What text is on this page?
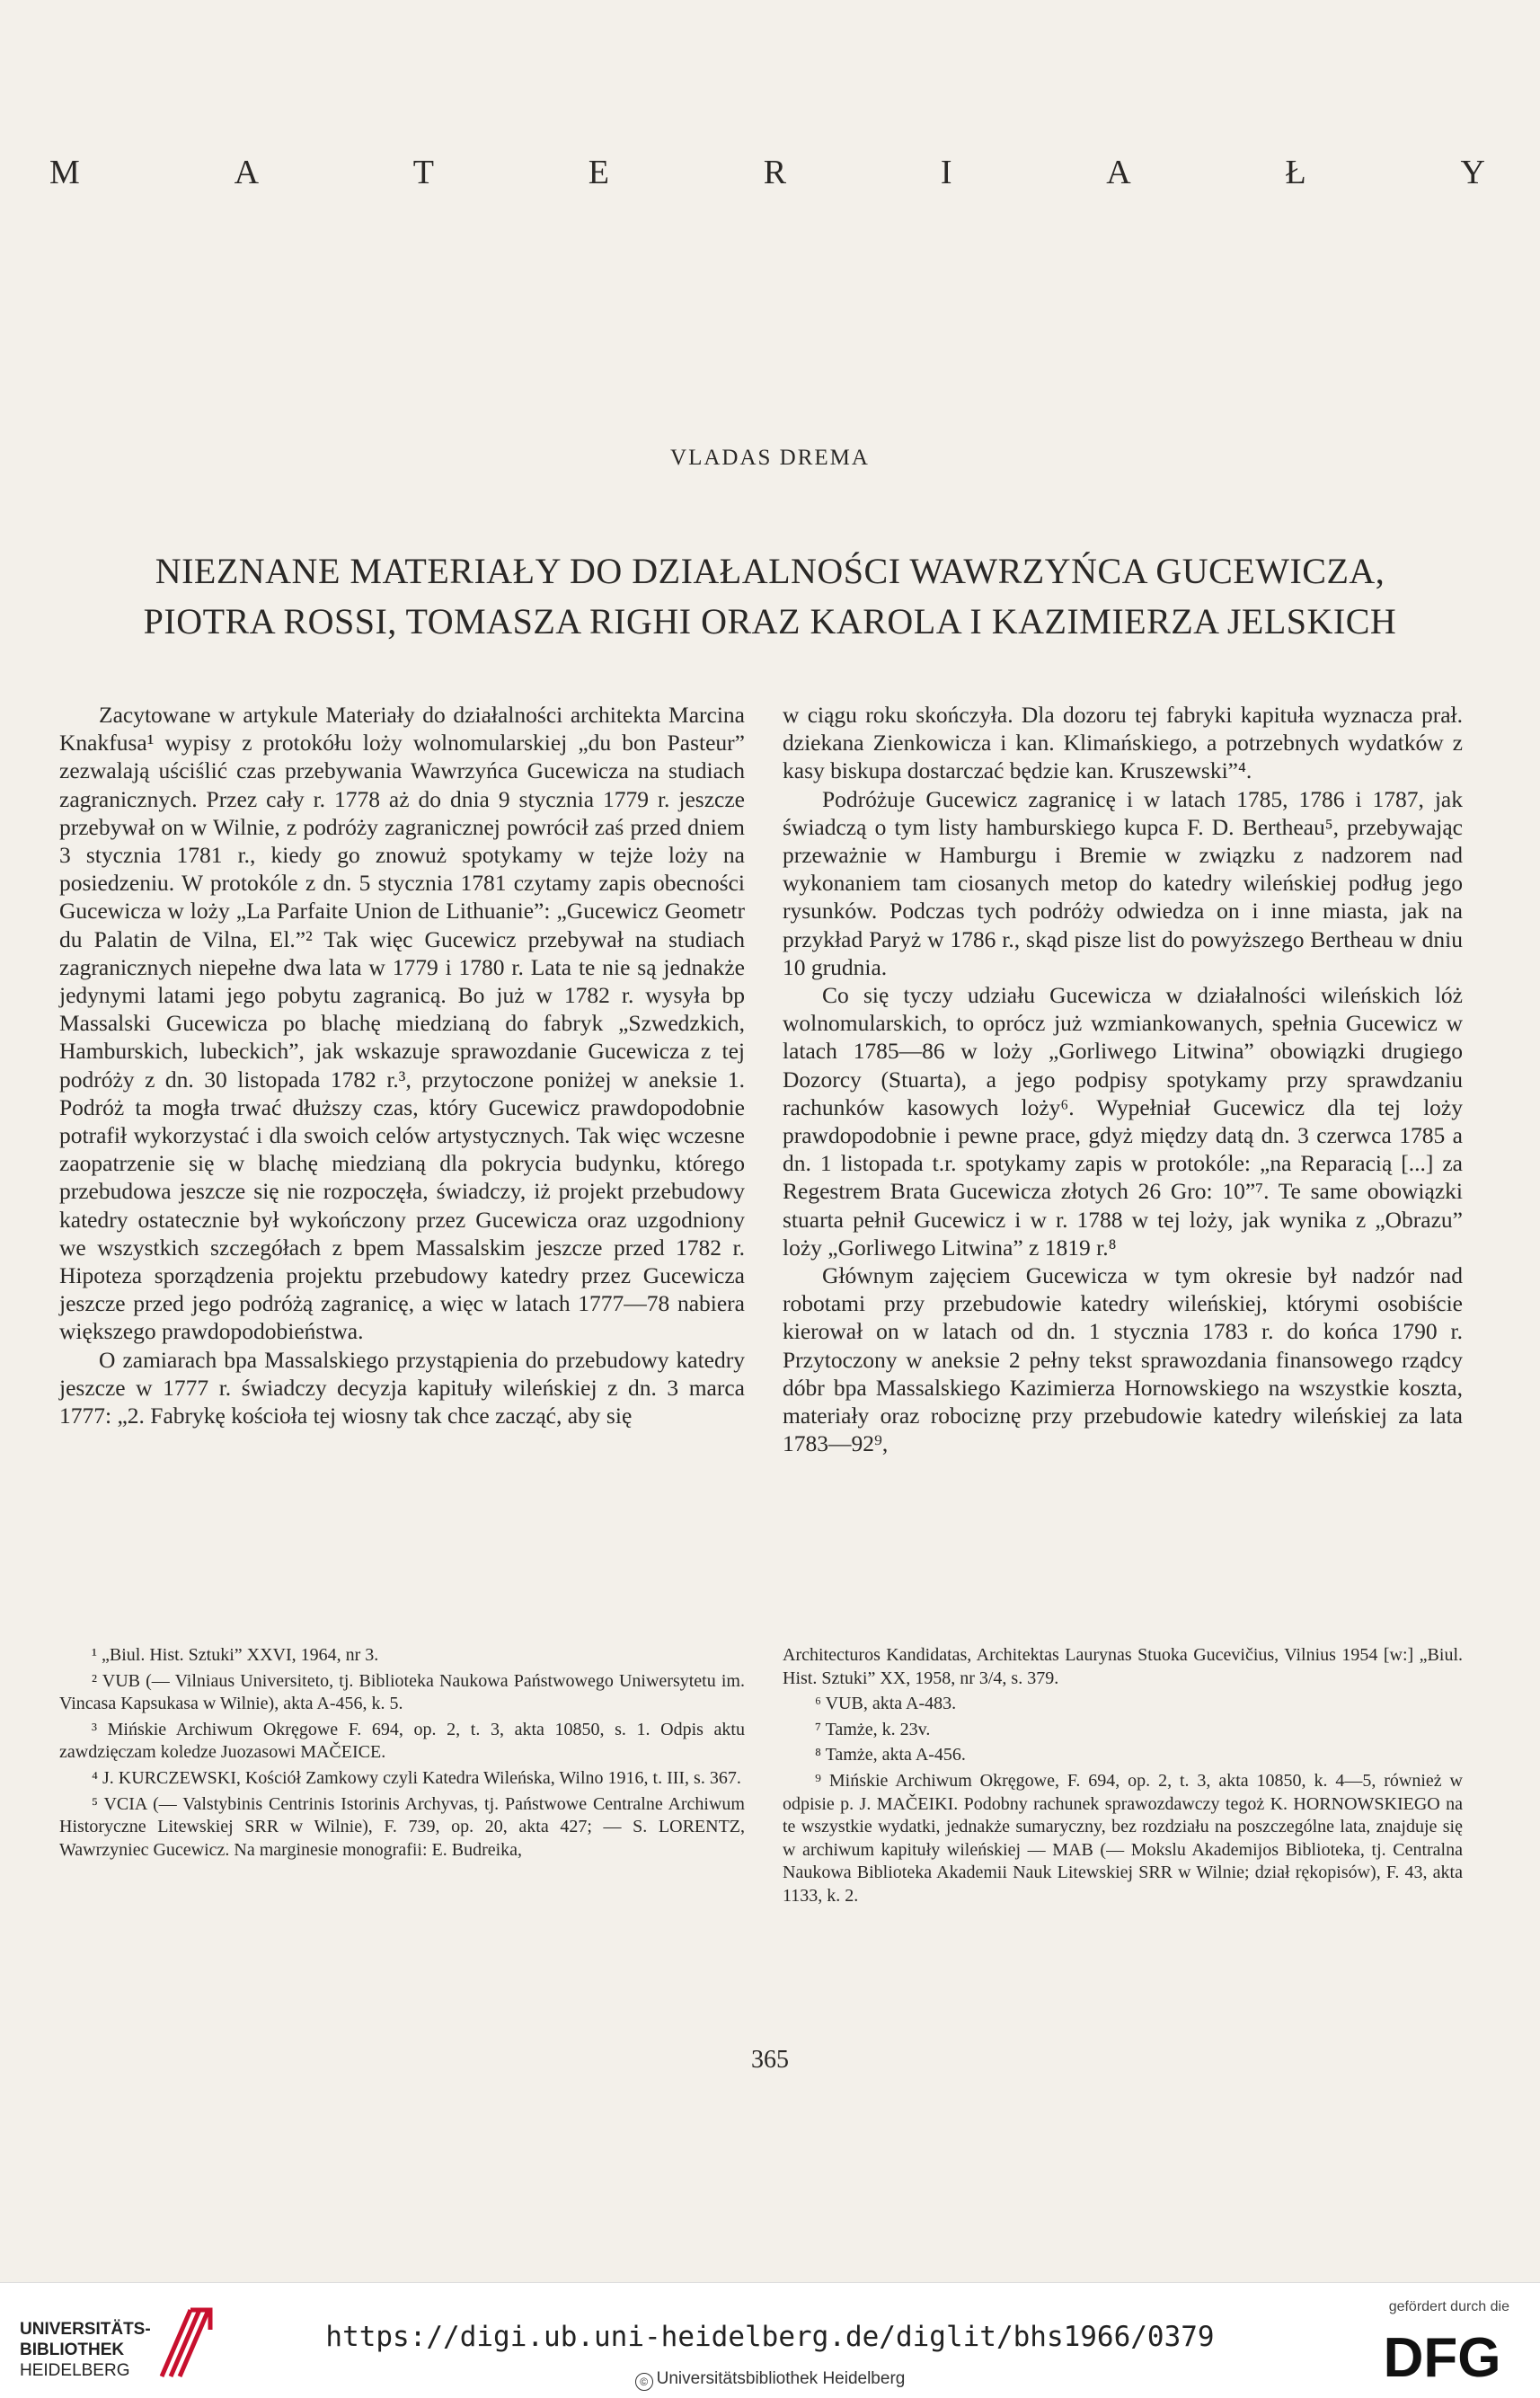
M	A	T	E	R	I	A	Ł	Y
VLADAS DREMA
NIEZNANE MATERIAŁY DO DZIAŁALNOŚCI WAWRZYŃCA GUCEWICZA,
PIOTRA ROSSI, TOMASZA RIGHI ORAZ KAROLA I KAZIMIERZA JELSKICH

Zacytowane w artykule Materiały do działalności architekta Marcina Knakfusa¹ wypisy z protokółu loży wolnomularskiej „du bon Pasteur” zezwalają uściślić czas przebywania Wawrzyńca Gucewicza na studiach zagranicznych. Przez cały r. 1778 aż do dnia 9 stycznia 1779 r. jeszcze przebywał on w Wilnie, z podróży zagranicznej powrócił zaś przed dniem 3 stycznia 1781 r., kiedy go znowuż spotykamy w tejże loży na posiedzeniu. W protokóle z dn. 5 stycznia 1781 czytamy zapis obecności Gucewicza w loży „La Parfaite Union de Lithuanie”: „Gucewicz Geometr du Palatin de Vilna, El.”² Tak więc Gucewicz przebywał na studiach zagranicznych niepełne dwa lata w 1779 i 1780 r. Lata te nie są jednakże jedynymi latami jego pobytu zagranicą. Bo już w 1782 r. wysyła bp Massalski Gucewicza po blachę miedzianą do fabryk „Szwedzkich, Hamburskich, lubeckich”, jak wskazuje sprawozdanie Gucewicza z tej podróży z dn. 30 listopada 1782 r.³, przytoczone poniżej w aneksie 1. Podróż ta mogła trwać dłuższy czas, który Gucewicz prawdopodobnie potrafił wykorzystać i dla swoich celów artystycznych. Tak więc wczesne zaopatrzenie się w blachę miedzianą dla pokrycia budynku, którego przebudowa jeszcze się nie rozpoczęła, świadczy, iż projekt przebudowy katedry ostatecznie był wykończony przez Gucewicza oraz uzgodniony we wszystkich szczegółach z bpem Massalskim jeszcze przed 1782 r. Hipoteza sporządzenia projektu przebudowy katedry przez Gucewicza jeszcze przed jego podróżą zagranicę, a więc w latach 1777—78 nabiera większego prawdopodobieństwa.

O zamiarach bpa Massalskiego przystąpienia do przebudowy katedry jeszcze w 1777 r. świadczy decyzja kapituły wileńskiej z dn. 3 marca 1777: „2. Fabrykę kościoła tej wiosny tak chce zacząć, aby się

w ciągu roku skończyła. Dla dozoru tej fabryki kapituła wyznacza prał. dziekana Zienkowicza i kan. Klimańskiego, a potrzebnych wydatków z kasy biskupa dostarczać będzie kan. Kruszewski”⁴.

Podróżuje Gucewicz zagranicę i w latach 1785, 1786 i 1787, jak świadczą o tym listy hamburskiego kupca F. D. Bertheau⁵, przebywając przeważnie w Hamburgu i Bremie w związku z nadzorem nad wykonaniem tam ciosanych metop do katedry wileńskiej podług jego rysunków. Podczas tych podróży odwiedza on i inne miasta, jak na przykład Paryż w 1786 r., skąd pisze list do powyższego Bertheau w dniu 10 grudnia.

Co się tyczy udziału Gucewicza w działalności wileńskich lóż wolnomularskich, to oprócz już wzmiankowanych, spełnia Gucewicz w latach 1785—86 w loży „Gorliwego Litwina” obowiązki drugiego Dozorcy (Stuarta), a jego podpisy spotykamy przy sprawdzaniu rachunków kasowych loży⁶. Wypełniał Gucewicz dla tej loży prawdopodobnie i pewne prace, gdyż między datą dn. 3 czerwca 1785 a dn. 1 listopada t.r. spotykamy zapis w protokóle: „na Reparacią [...] za Regestrem Brata Gucewicza złotych 26 Gro: 10”⁷. Te same obowiązki stuarta pełnił Gucewicz i w r. 1788 w tej loży, jak wynika z „Obrazu” loży „Gorliwego Litwina” z 1819 r.⁸

Głównym zajęciem Gucewicza w tym okresie był nadzór nad robotami przy przebudowie katedry wileńskiej, którymi osobiście kierował on w latach od dn. 1 stycznia 1783 r. do końca 1790 r. Przytoczony w aneksie 2 pełny tekst sprawozdania finansowego rządcy dóbr bpa Massalskiego Kazimierza Hornowskiego na wszystkie koszta, materiały oraz robociznę przy przebudowie katedry wileńskiej za lata 1783—92⁹,

¹ „Biul. Hist. Sztuki” XXVI, 1964, nr 3.

² VUB (— Vilniaus Universiteto, tj. Biblioteka Naukowa Państwowego Uniwersytetu im. Vincasa Kapsukasa w Wilnie), akta A-456, k. 5.

³ Mińskie Archiwum Okręgowe F. 694, op. 2, t. 3, akta 10850, s. 1. Odpis aktu zawdzięczam koledze Juozasowi MAČEICE.

⁴ J. KURCZEWSKI, Kościół Zamkowy czyli Katedra Wileńska, Wilno 1916, t. III, s. 367.

⁵ VCIA (— Valstybinis Centrinis Istorinis Archyvas, tj. Państwowe Centralne Archiwum Historyczne Litewskiej SRR w Wilnie), F. 739, op. 20, akta 427; — S. LORENTZ, Wawrzyniec Gucewicz. Na marginesie monografii: E. Budreika,

Architecturos Kandidatas, Architektas Laurynas Stuoka Gucevičius, Vilnius 1954 [w:] „Biul. Hist. Sztuki” XX, 1958, nr 3/4, s. 379.

⁶ VUB, akta A-483.

⁷ Tamże, k. 23v.

⁸ Tamże, akta A-456.

⁹ Mińskie Archiwum Okręgowe, F. 694, op. 2, t. 3, akta 10850, k. 4—5, również w odpisie p. J. MAČEIKI. Podobny rachunek sprawozdawczy tegoż K. HORNOWSKIEGO na te wszystkie wydatki, jednakże sumaryczny, bez rozdziału na poszczególne lata, znajduje się w archiwum kapituły wileńskiej — MAB (— Mokslu Akademijos Biblioteka, tj. Centralna Naukowa Biblioteka Akademii Nauk Litewskiej SRR w Wilnie; dział rękopisów), F. 43, akta 1133, k. 2.

365
UNIVERSITÄTS-
BIBLIOTHEK
HEIDELBERG
https://digi.ub.uni-heidelberg.de/diglit/bhs1966/0379
© Universitätsbibliothek Heidelberg
gefördert durch die
DFG
